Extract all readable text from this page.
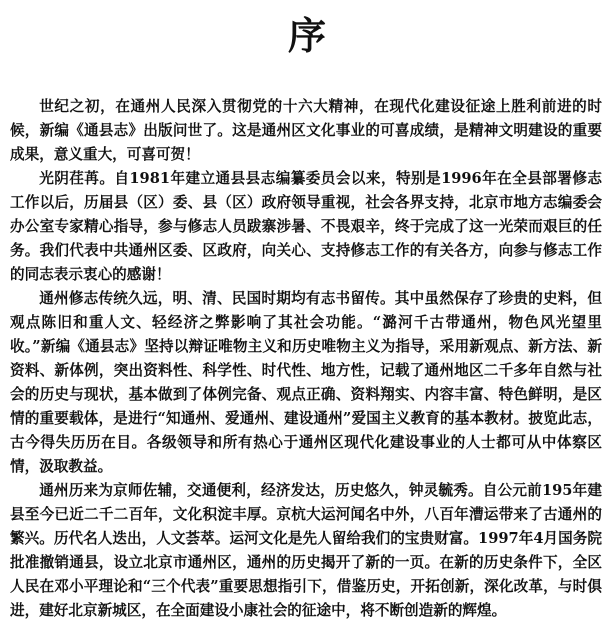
序

世纪之初，在通州人民深入贯彻党的十六大精神，在现代化建设征途上胜利前进的时候，新编《通县志》出版问世了。这是通州区文化事业的可喜成绩，是精神文明建设的重要成果，意义重大，可喜可贺！

光阴荏苒。自1981年建立通县县志编纂委员会以来，特别是1996年在全县部署修志工作以后，历届县（区）委、县（区）政府领导重视，社会各界支持，北京市地方志编委会办公室专家精心指导，参与修志人员跋寨涉暑、不畏艰辛，终于完成了这一光荣而艰巨的任务。我们代表中共通州区委、区政府，向关心、支持修志工作的有关各方，向参与修志工作的同志表示衷心的感谢！

通州修志传统久远，明、清、民国时期均有志书留传。其中虽然保存了珍贵的史料，但观点陈旧和重人文、轻经济之弊影响了其社会功能。“潞河千古带通州，物色风光望里收。”新编《通县志》坚持以辩证唯物主义和历史唯物主义为指导，采用新观点、新方法、新资料、新体例，突出资料性、科学性、时代性、地方性，记载了通州地区二千多年自然与社会的历史与现状，基本做到了体例完备、观点正确、资料翔实、内容丰富、特色鲜明，是区情的重要载体，是进行“知通州、爱通州、建设通州”爱国主义教育的基本教材。披览此志，古今得失历历在目。各级领导和所有热心于通州区现代化建设事业的人士都可从中体察区情，汲取教益。

通州历来为京师佐辅，交通便利，经济发达，历史悠久，钟灵毓秀。自公元前195年建县至今已近二千二百年，文化积淀丰厚。京杭大运河闻名中外，八百年漕运带来了古通州的繁兴。历代名人迭出，人文荟萃。运河文化是先人留给我们的宝贵财富。1997年4月国务院批准撤销通县，设立北京市通州区，通州的历史揭开了新的一页。在新的历史条件下，全区人民在邓小平理论和“三个代表”重要思想指引下，借鉴历史，开拓创新，深化改革，与时俱进，建好北京新城区，在全面建设小康社会的征途中，将不断创造新的辉煌。
